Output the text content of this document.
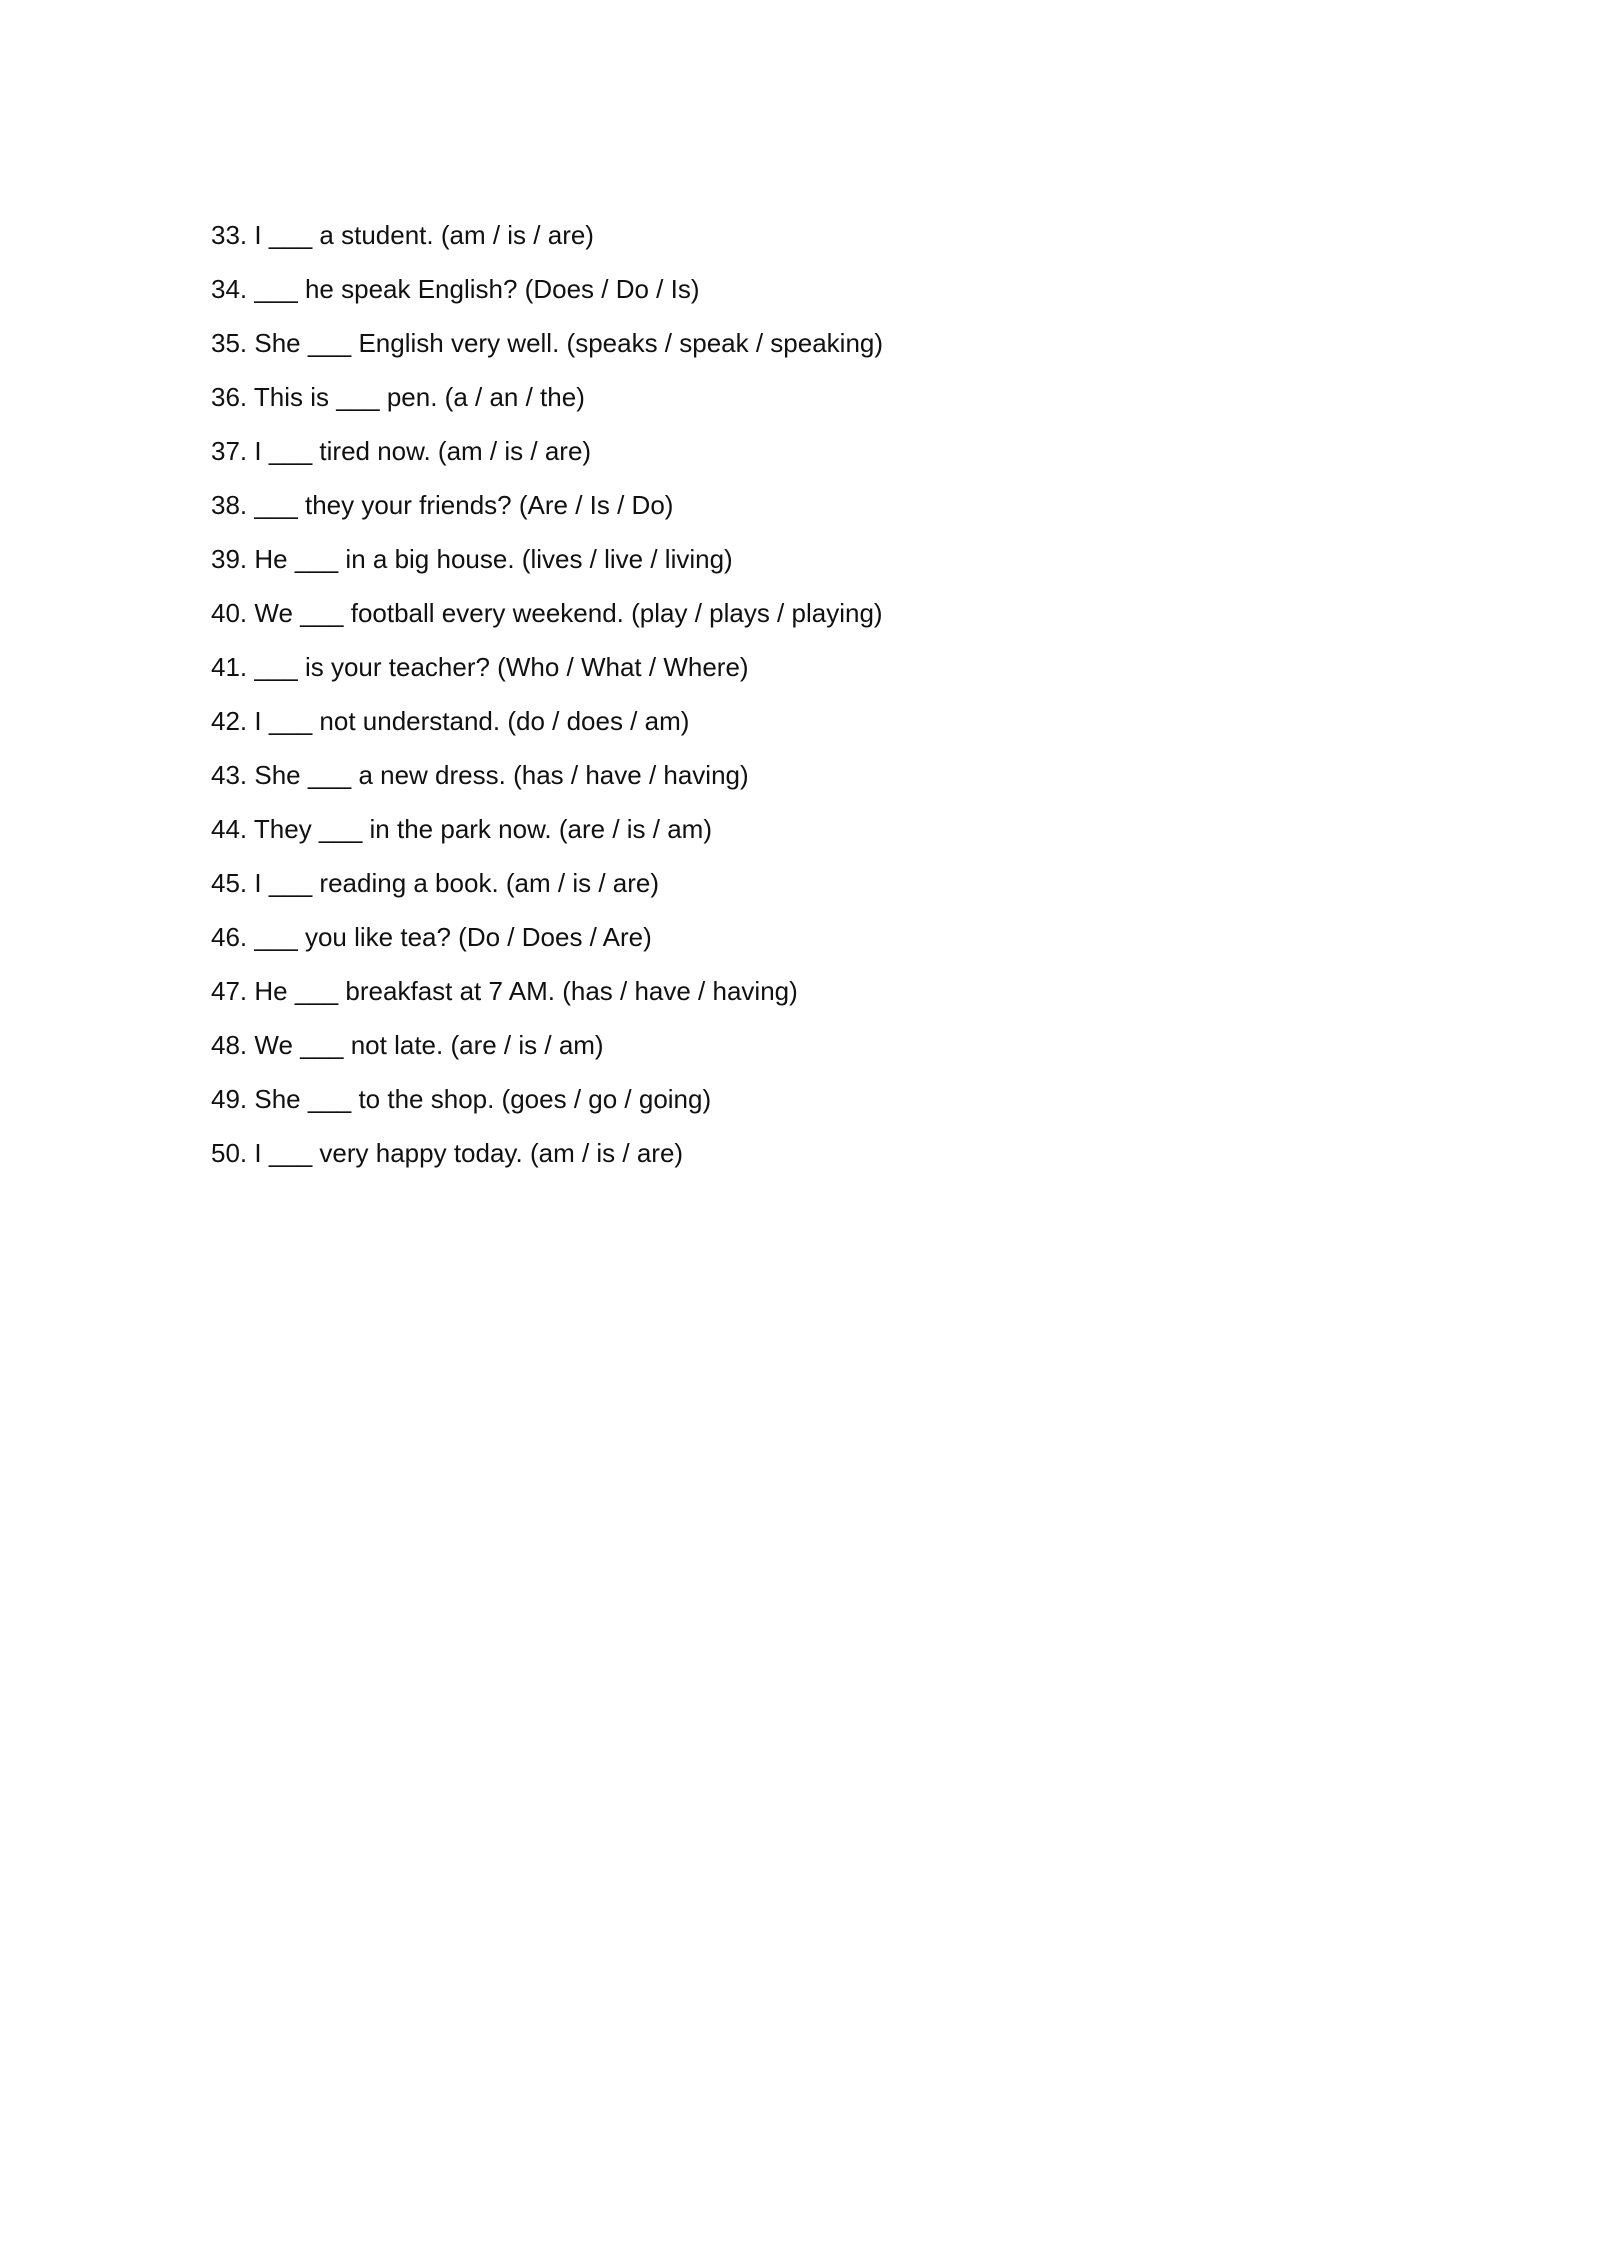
33. I ___ a student. (am / is / are)
34. ___ he speak English? (Does / Do / Is)
35. She ___ English very well. (speaks / speak / speaking)
36. This is ___ pen. (a / an / the)
37. I ___ tired now. (am / is / are)
38. ___ they your friends? (Are / Is / Do)
39. He ___ in a big house. (lives / live / living)
40. We ___ football every weekend. (play / plays / playing)
41. ___ is your teacher? (Who / What / Where)
42. I ___ not understand. (do / does / am)
43. She ___ a new dress. (has / have / having)
44. They ___ in the park now. (are / is / am)
45. I ___ reading a book. (am / is / are)
46. ___ you like tea? (Do / Does / Are)
47. He ___ breakfast at 7 AM. (has / have / having)
48. We ___ not late. (are / is / am)
49. She ___ to the shop. (goes / go / going)
50. I ___ very happy today. (am / is / are)
